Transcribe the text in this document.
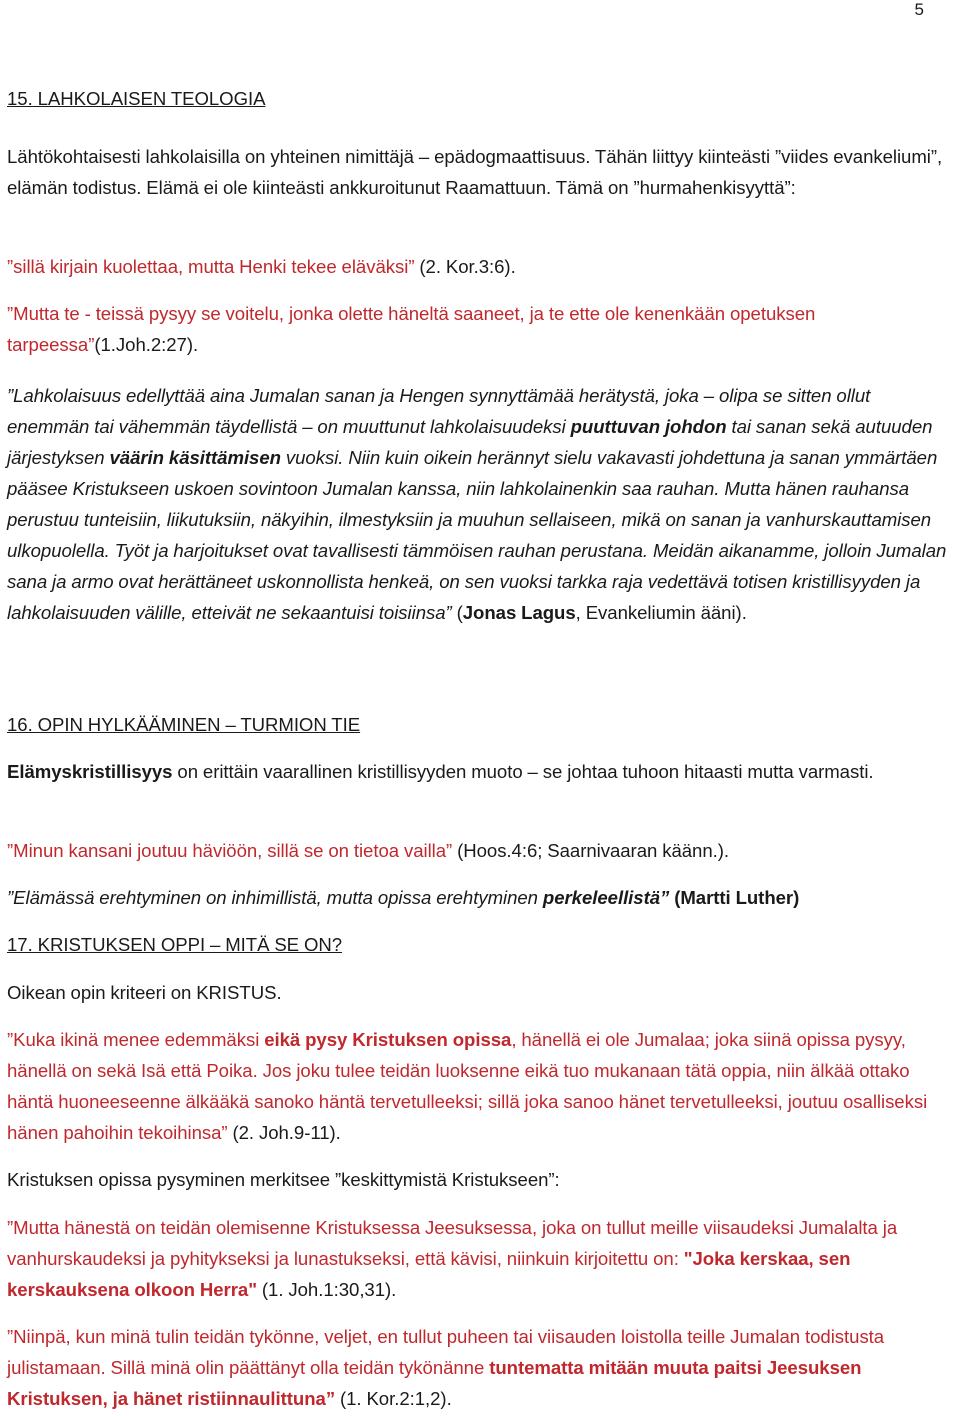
5

15. LAHKOLAISEN TEOLOGIA

Lähtökohtaisesti lahkolaisilla on yhteinen nimittäjä – epädogmaattisuus. Tähän liittyy kiinteästi ”viides evankeliumi”, elämän todistus. Elämä ei ole kiinteästi ankkuroitunut Raamattuun. Tämä on ”hurmahenkisyyttä”:

”sillä kirjain kuolettaa, mutta Henki tekee eläväksi” (2. Kor.3:6).

”Mutta te - teissä pysyy se voitelu, jonka olette häneltä saaneet, ja te ette ole kenenkään opetuksen tarpeessa”(1.Joh.2:27).

”Lahkolaisuus edellyttää aina Jumalan sanan ja Hengen synnyttämää herätystä, joka – olipa se sitten ollut enemmän tai vähemmän täydellistä – on muuttunut lahkolaisuudeksi puuttuvan johdon tai sanan sekä autuuden järjestyksen väärin käsittämisen vuoksi. Niin kuin oikein herännyt sielu vakavasti johdettuna ja sanan ymmärtäen pääsee Kristukseen uskoen sovintoon Jumalan kanssa, niin lahkolainenkin saa rauhan. Mutta hänen rauhansa perustuu tunteisiin, liikutuksiin, näkyihin, ilmestyksiin ja muuhun sellaiseen, mikä on sanan ja vanhurskauttamisen ulkopuolella. Työt ja harjoitukset ovat tavallisesti tämmöisen rauhan perustana. Meidän aikanamme, jolloin Jumalan sana ja armo ovat herättäneet uskonnollista henkeä, on sen vuoksi tarkka raja vedettävä totisen kristillisyyden ja lahkolaisuuden välille, etteivät ne sekaantuisi toisiinsa” (Jonas Lagus, Evankeliumin ääni).

16. OPIN HYLKÄÄMINEN – TURMION TIE

Elämyskristillisyys on erittäin vaarallinen kristillisyyden muoto – se johtaa tuhoon hitaasti mutta varmasti.

”Minun kansani joutuu häviöön, sillä se on tietoa vailla” (Hoos.4:6; Saarnivaaran käänn.).

”Elämässä erehtyminen on inhimillistä, mutta opissa erehtyminen perkeleellistä” (Martti Luther)

17. KRISTUKSEN OPPI – MITÄ SE ON?

Oikean opin kriteeri on KRISTUS.

”Kuka ikinä menee edemmäksi eikä pysy Kristuksen opissa, hänellä ei ole Jumalaa; joka siinä opissa pysyy, hänellä on sekä Isä että Poika. Jos joku tulee teidän luoksenne eikä tuo mukanaan tätä oppia, niin älkää ottako häntä huoneeseenne älkääkä sanoko häntä tervetulleeksi; sillä joka sanoo hänet tervetulleeksi, joutuu osalliseksi hänen pahoihin tekoihinsa” (2. Joh.9-11).

Kristuksen opissa pysyminen merkitsee ”keskittymistä Kristukseen”:

”Mutta hänestä on teidän olemisenne Kristuksessa Jeesuksessa, joka on tullut meille viisaudeksi Jumalalta ja vanhurskaudeksi ja pyhitykseksi ja lunastukseksi, että kävisi, niinkuin kirjoitettu on: "Joka kerskaa, sen kerskauksena olkoon Herra" (1. Joh.1:30,31).

”Niinpä, kun minä tulin teidän tykönne, veljet, en tullut puheen tai viisauden loistolla teille Jumalan todistusta julistamaan. Sillä minä olin päättänyt olla teidän tykönänne tuntematta mitään muuta paitsi Jeesuksen Kristuksen, ja hänet ristiinnaulittuna” (1. Kor.2:1,2).
